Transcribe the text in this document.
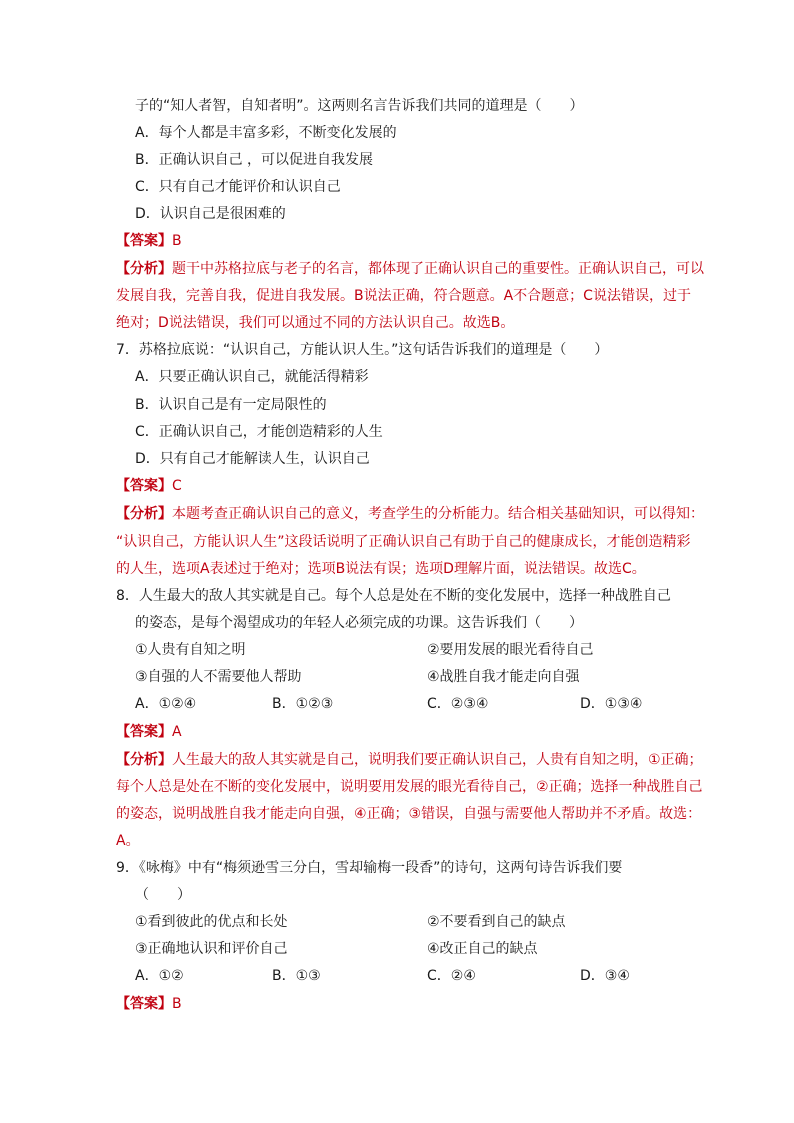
子的“知人者智，自知者明”。这两则名言告诉我们共同的道理是（　　）
A．每个人都是丰富多彩，不断变化发展的
B．正确认识自己 ，可以促进自我发展
C．只有自己才能评价和认识自己
D．认识自己是很困难的
【答案】B
【分析】题干中苏格拉底与老子的名言，都体现了正确认识自己的重要性。正确认识自己，可以
发展自我，完善自我，促进自我发展。B说法正确，符合题意。A不合题意；C说法错误，过于
绝对；D说法错误，我们可以通过不同的方法认识自己。故选B。
7．苏格拉底说：“认识自己，方能认识人生。”这句话告诉我们的道理是（　　）
A．只要正确认识自己，就能活得精彩
B．认识自己是有一定局限性的
C．正确认识自己，才能创造精彩的人生
D．只有自己才能解读人生，认识自己
【答案】C
【分析】本题考查正确认识自己的意义，考查学生的分析能力。结合相关基础知识，可以得知：
“认识自己，方能认识人生”这段话说明了正确认识自己有助于自己的健康成长，才能创造精彩
的人生，选项A表述过于绝对；选项B说法有误；选项D理解片面，说法错误。故选C。
8．人生最大的敌人其实就是自己。每个人总是处在不断的变化发展中，选择一种战胜自己
的姿态，是每个渴望成功的年轻人必须完成的功课。这告诉我们（　　）
①人贵有自知之明	②要用发展的眼光看待自己
③自强的人不需要他人帮助	④战胜自我才能走向自强
A．①②④	B．①②③	C．②③④	D．①③④
【答案】A
【分析】人生最大的敌人其实就是自己，说明我们要正确认识自己，人贵有自知之明，①正确；
每个人总是处在不断的变化发展中，说明要用发展的眼光看待自己，②正确；选择一种战胜自己
的姿态，说明战胜自我才能走向自强，④正确；③错误，自强与需要他人帮助并不矛盾。故选：
A。
9．《咏梅》中有“梅须逊雪三分白，雪却输梅一段香”的诗句，这两句诗告诉我们要
（　　）
①看到彼此的优点和长处	②不要看到自己的缺点
③正确地认识和评价自己	④改正自己的缺点
A．①②	B．①③	C．②④	D．③④
【答案】B
